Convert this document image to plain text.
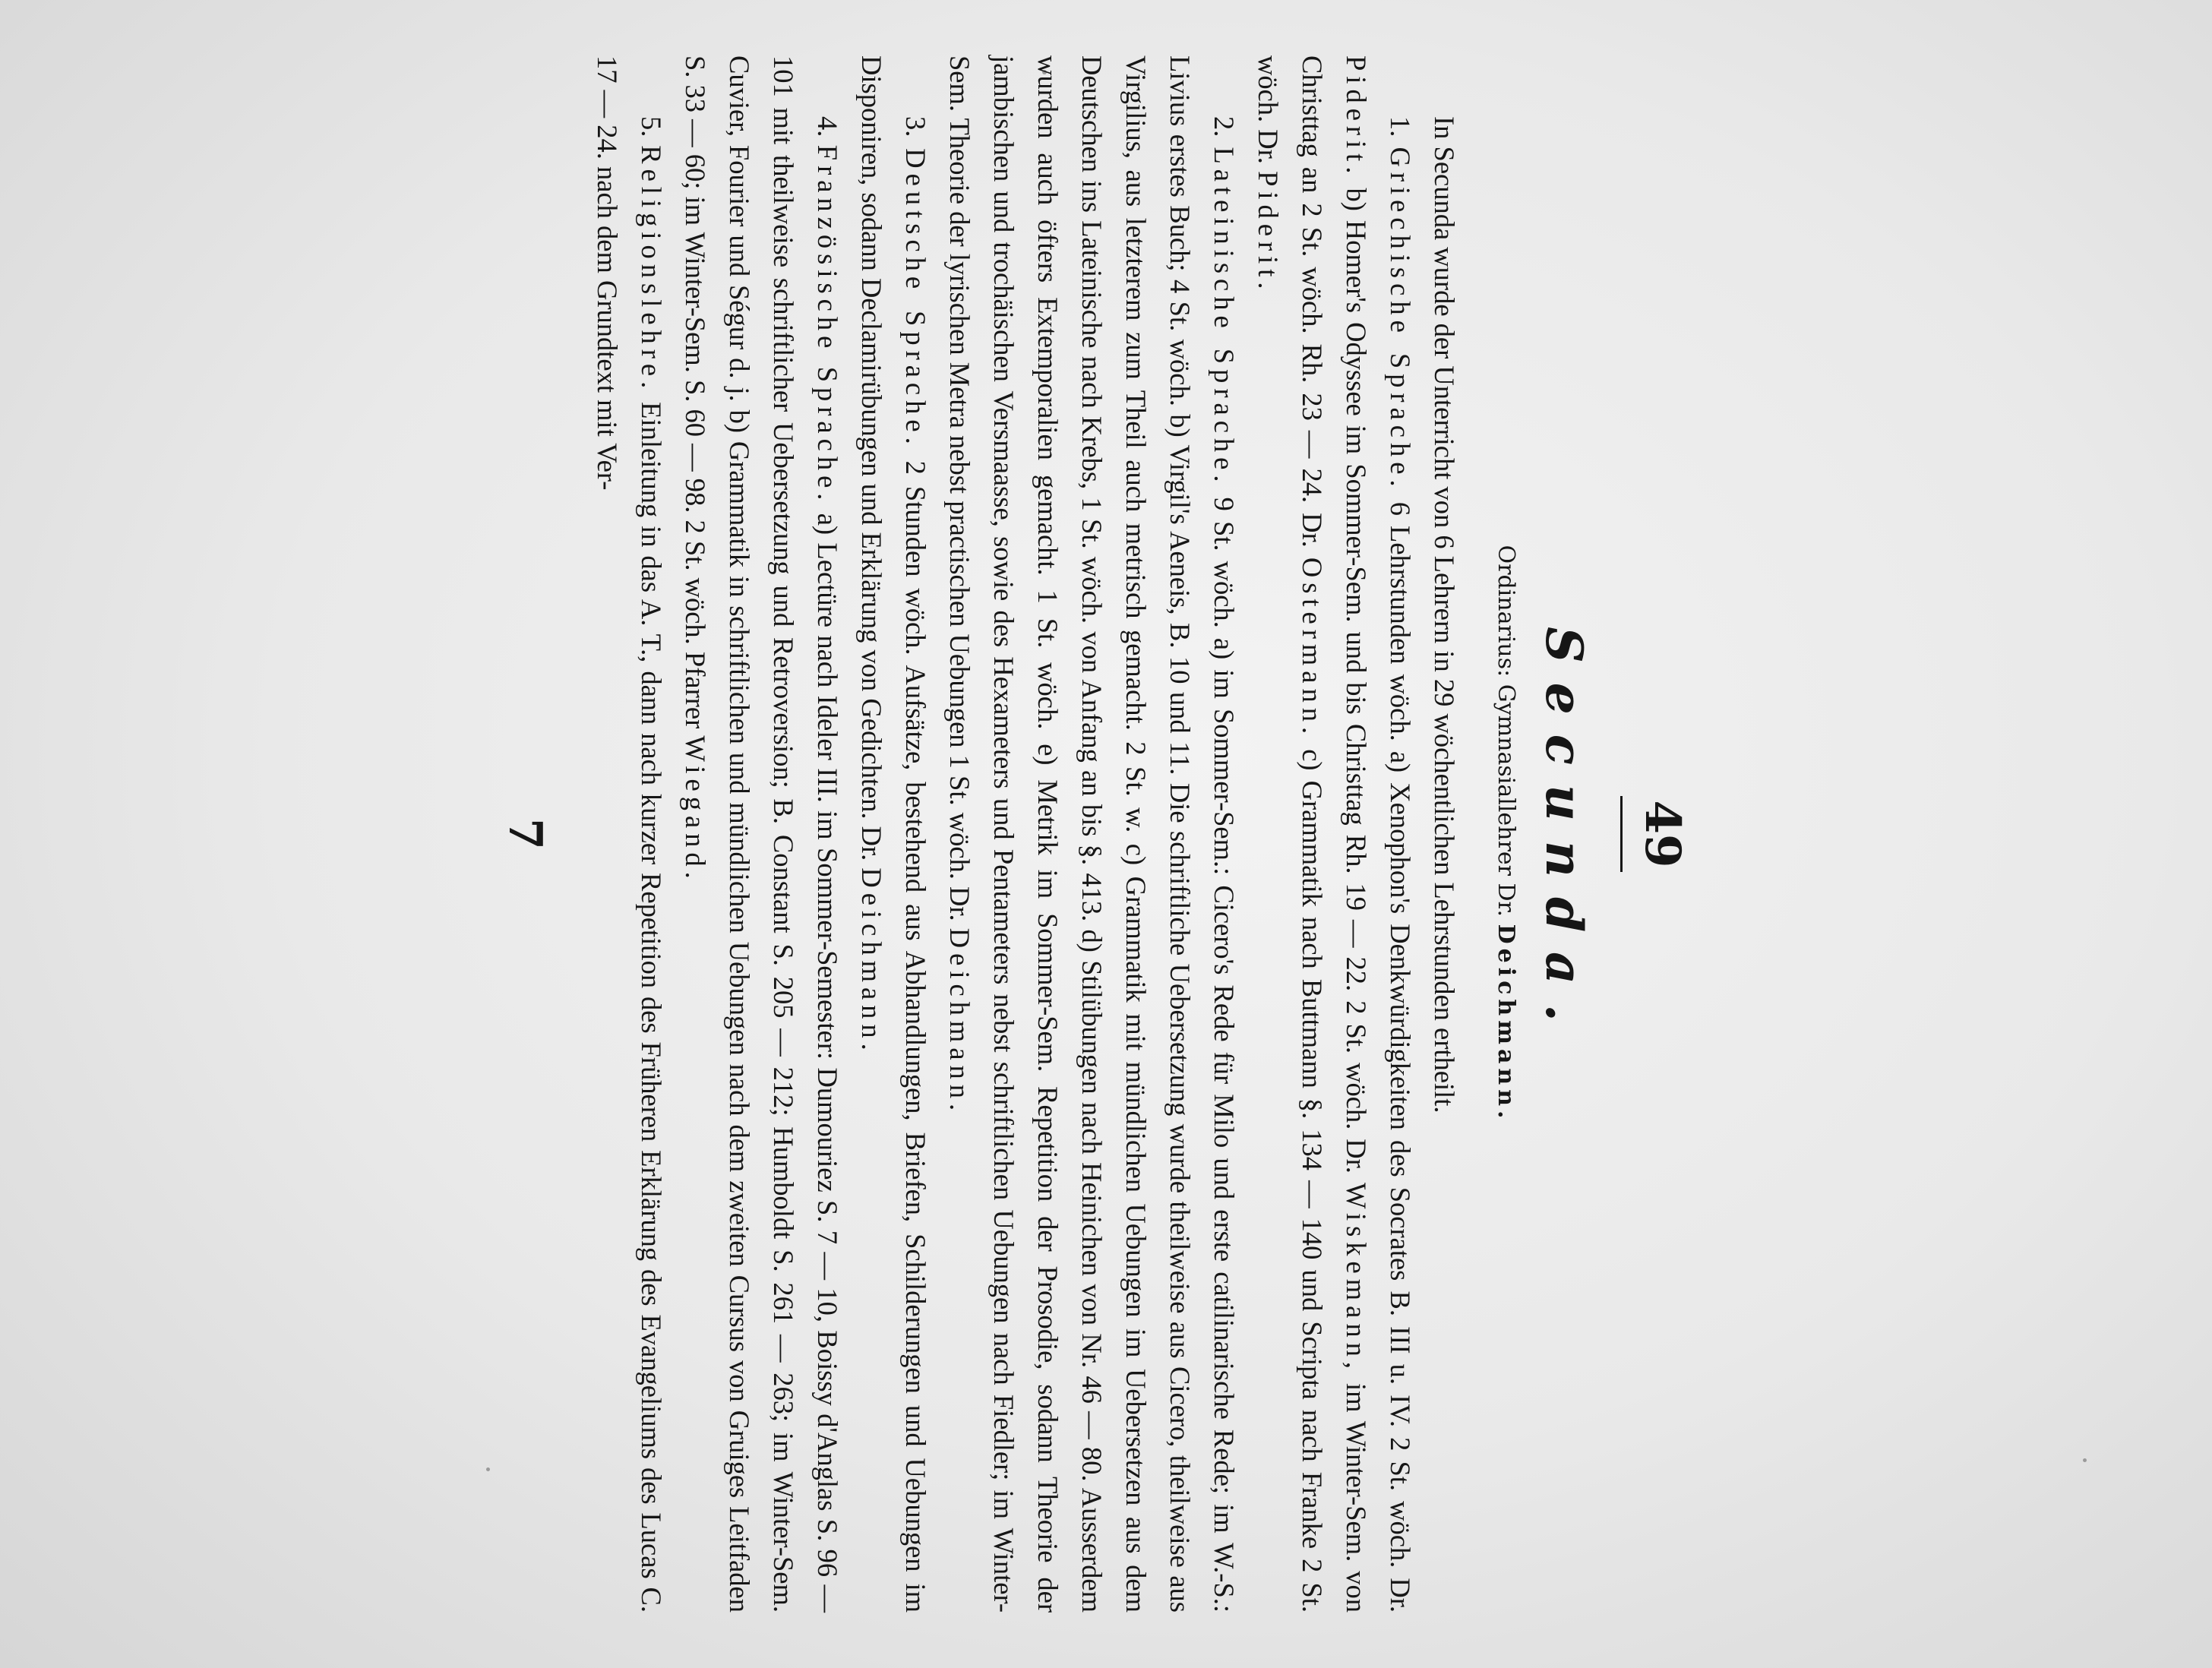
49
Secunda.
Ordinarius: Gymnasiallehrer Dr. Deichmann.

In Secunda wurde der Unterricht von 6 Lehrern in 29 wöchentlichen Lehrstunden ertheilt.

1. Griechische Sprache. 6 Lehrstunden wöch. a) Xenophon's Denkwürdigkeiten des Socrates B. III u. IV. 2 St. wöch. Dr. Piderit. b) Homer's Odyssee im Sommer-Sem. und bis Christtag Rh. 19 — 22. 2 St. wöch. Dr. Wiskemann, im Winter-Sem. von Christtag an 2 St. wöch. Rh. 23 — 24. Dr. Ostermann. c) Grammatik nach Buttmann §. 134 — 140 und Scripta nach Franke 2 St. wöch. Dr. Piderit.

2. Lateinische Sprache. 9 St. wöch. a) im Sommer-Sem.: Cicero's Rede für Milo und erste catilinarische Rede; im W.-S.: Livius erstes Buch; 4 St. wöch. b) Virgil's Aeneis, B. 10 und 11. Die schriftliche Uebersetzung wurde theilweise aus Cicero, theilweise aus Virgilius, aus letzterem zum Theil auch metrisch gemacht. 2 St. w. c) Grammatik mit mündlichen Uebungen im Uebersetzen aus dem Deutschen ins Lateinische nach Krebs, 1 St. wöch. von Anfang an bis §. 413. d) Stilübungen nach Heinichen von Nr. 46 — 80. Ausserdem wurden auch öfters Extemporalien gemacht. 1 St. wöch. e) Metrik im Sommer-Sem. Repetition der Prosodie, sodann Theorie der jambischen und trochäischen Versmaasse, sowie des Hexameters und Pentameters nebst schriftlichen Uebungen nach Fiedler; im Winter-Sem. Theorie der lyrischen Metra nebst practischen Uebungen 1 St. wöch. Dr. Deichmann.

3. Deutsche Sprache. 2 Stunden wöch. Aufsätze, bestehend aus Abhandlungen, Briefen, Schilderungen und Uebungen im Disponiren, sodann Declamirübungen und Erklärung von Gedichten. Dr. Deichmann.

4. Französische Sprache. a) Lectüre nach Ideler III. im Sommer-Semester: Dumouriez S. 7 — 10, Boissy d'Anglas S. 96 — 101 mit theilweise schriftlicher Uebersetzung und Retroversion; B. Constant S. 205 — 212; Humboldt S. 261 — 263; im Winter-Sem. Cuvier, Fourier und Ségur d. j. b) Grammatik in schriftlichen und mündlichen Uebungen nach dem zweiten Cursus von Gruiges Leitfaden S. 33 — 60; im Winter-Sem. S. 60 — 98. 2 St. wöch. Pfarrer Wiegand.

5. Religionslehre. Einleitung in das A. T., dann nach kurzer Repetition des Früheren Erklärung des Evangeliums des Lucas C. 17 — 24. nach dem Grundtext mit Ver-

7
